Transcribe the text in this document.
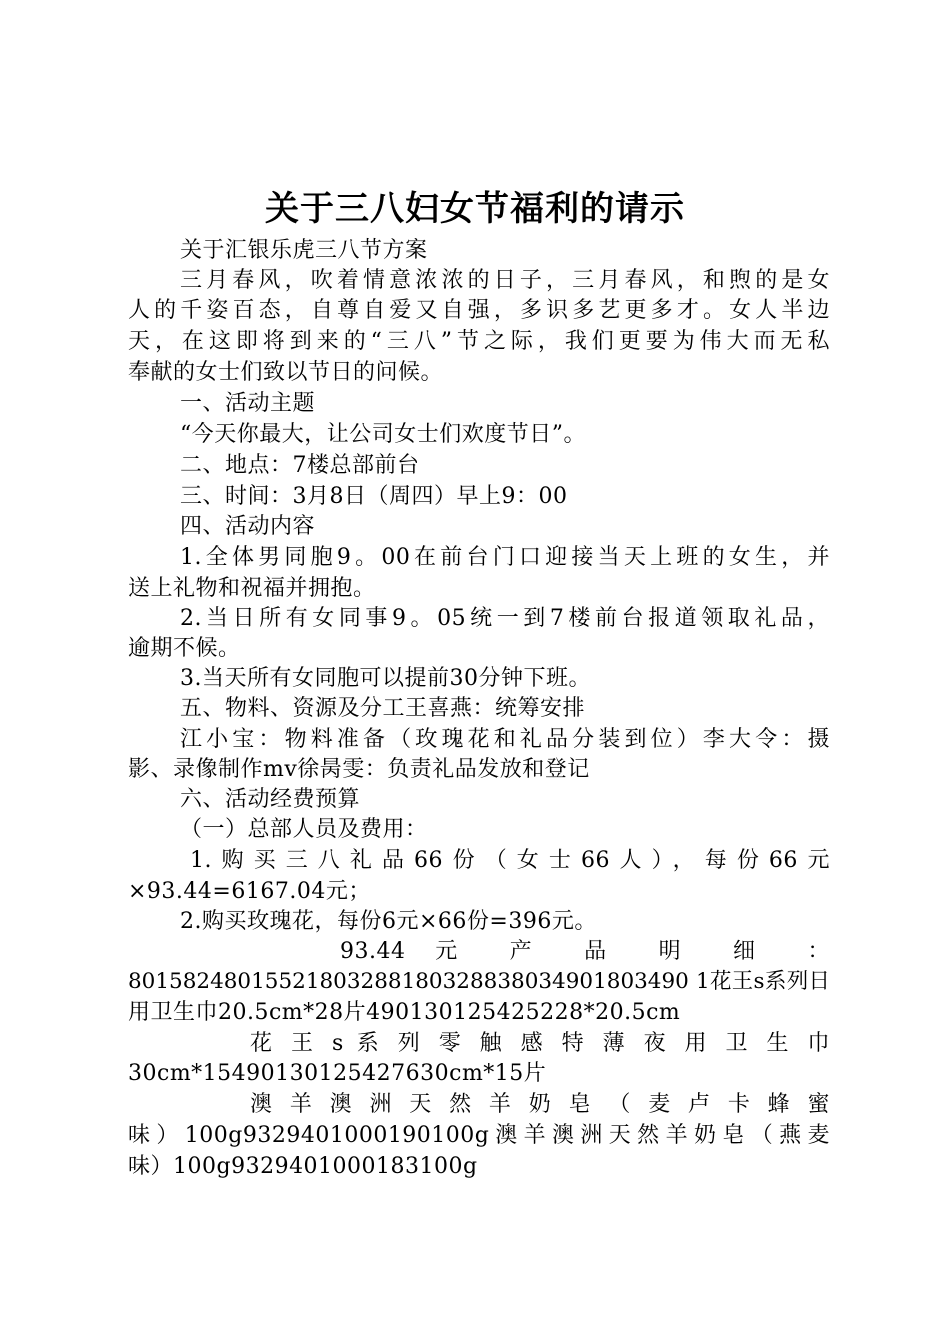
关于三八妇女节福利的请示
关于汇银乐虎三八节方案
三月春风，吹着情意浓浓的日子，三月春风，和煦的是女
人的千姿百态，自尊自爱又自强，多识多艺更多才。女人半边
天，在这即将到来的“三八”节之际，我们更要为伟大而无私
奉献的女士们致以节日的问候。
一、活动主题
“今天你最大，让公司女士们欢度节日”。
二、地点：7楼总部前台
三、时间：3月8日（周四）早上9：00
四、活动内容
1.全体男同胞9。00在前台门口迎接当天上班的女生，并
送上礼物和祝福并拥抱。
2.当日所有女同事9。05统一到7楼前台报道领取礼品，
逾期不候。
3.当天所有女同胞可以提前30分钟下班。
五、物料、资源及分工王喜燕：统筹安排
江小宝：物料准备（玫瑰花和礼品分装到位）李大令：摄
影、录像制作mv徐昺雯：负责礼品发放和登记
六、活动经费预算
（一）总部人员及费用：
1.购买三八礼品66份（女士66人），每份66元
×93.44=6167.04元；
2.购买玫瑰花，每份6元×66份=396元。
93.44 元 产 品 明 细 ：
80158248015521803288180328838034901803490 1花王s系列日
用卫生巾20.5cm*28片490130125425228*20.5cm
花 王 s 系 列 零 触 感 特 薄 夜 用 卫 生 巾
30cm*15490130125427630cm*15片
澳 羊 澳 洲 天 然 羊 奶 皂 （ 麦 卢 卡 蜂 蜜
味）100g9329401000190100g澳羊澳洲天然羊奶皂（燕麦
味）100g9329401000183100g
